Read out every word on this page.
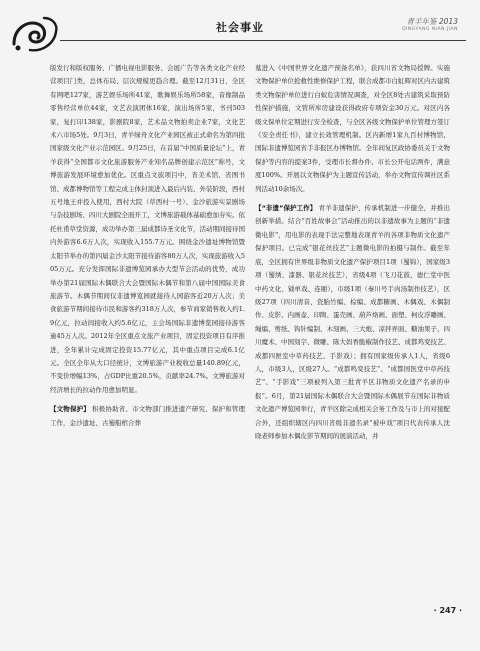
社会事业	青羊年鉴 2013
QINGYANG NIAN JIAN

版发行和版权服务、广播电视电影服务、会展广告等各类文化产业经营项目门类，总体布局、层次规模更趋合理。截至12月31日，全区有网吧127家，游艺娱乐场所41家，歌舞娱乐场所58家，音像制品零售经营单位44家，文艺表演团体16家，演出场所5家，书刊503家，复打印138家，影剧院8家，艺术品文物拍卖企业7家，文化艺术六市场5处。9月3日，青羊绿舟文化产业园区被正式命名为第四批国家级文化产业示范园区。9月25日，在首届“中国质量论坛”上，青羊获得“全国都市文化旅游服务产业知名品牌创建示范区”称号，文博旅游发展环境愈加优化。区重点文旅项目中，省美术馆、省图书馆、成都博物馆等工程完成主体封顶进入最后内装、外装阶段，西村五号地王并投入使用，西村大院（草西村一号）、金沙旅游实景剧场与杂技剧场、四川大剧院全面开工，文博旅游载体基础愈加夯实。依托杜甫草堂资源，成功举办第三届成都诗圣文化节，活动期间接待国内外游客6.6万人次，实现收入155.7万元。围绕金沙遗址博物馆暨太阳节举办的第四届金沙太阳节接待游客80万人次，实现旅游收入505万元。充分发挥国际非遗博览园承办大型节会活动的优势，成功举办第21届国际木偶联合大会暨国际木偶节和第八届中国国际美食旅游节。木偶节期间仅非遗博览园就接待人园游客近20万人次；美食旅游节期间接待市民和游客约318万人次，参节商家销售收入约1.9亿元，拉动间接收入约5.6亿元，主会场国际非遗博览园接待游客逾45万人次。2012年全区重点文旅产业项目，固定投资项目有序推进，全年累计完成固定投资15.77亿元，其中重点项目完成6.1亿元。全区全年从大口径统计，文博旅游产业税收总量140.89亿元，不变价增幅13%，占GDP比重20.5%，贡献率24.7%。文博旅游对经济增长的拉动作用愈加明显。

【文物保护】 积极协助省、市文物部门推进遗产研究、保护和管理工作，金沙遗址、古蜀船棺合葬

墓进入《中国世界文化遗产预备名单》，获四川省文物局授牌。实施文物保护单位抢救性维修保护工程，联合成都市白虹辉对区内古建筑类文物保护单位进行白蚁危害情况调查，对全区8处古建筑采取预防性保护措施，文管所库房建设获得政府专项资金30万元。对区内各级文保单位定期进行安全检查，与全区各级文物保护单位管理方签订《安全责任书》，建立长效管理机制。区内新增1家九百村博物馆，国际非遗博览园省手非报区办博物馆。全年间复区政协委员关于文物保护等内容的提案3件，受理市长督办件、市长公开电话两件，满意度100%。开展以文物保护为主题宣传活动，举办文物宣传调社区系列活动10余场次。

【“非遗”保护工作】 青羊非遗保护、传承机制进一步健全，并推出创新举措。结合“百姓故事会”活动推出的以非遗故事为主题的“非遗微电影”，用电影的表现手法完整地表现青羊的各项非物质文化遗产保护项目。已完成“银花丝技艺”主题微电影的拍摄与制作。截至年底，全区拥有世界级非物质文化遗产保护项目1项（蜀锦），国家级3项（蜀绣、漆器、银花丝技艺），省级4项（飞刀花鼓、德仁堂中医中药文化、钺单戏、连厢），市级1项（秦川号手肉汤制作技艺），区级27项（四川清音、瓷胎竹编、棕编、成都糖画、木偶戏、木偶制作、皮影、内画壶、印陶、蛋壳画、葫芦烙画、面塑、柯皮浮雕画、绳编、剪纸、钩针编制、木刻画、三大炮、凉拌弄面、糖油果子、四川魔术、中国刻字、微雕、陈大妈香脆椒制作技艺、成都鸡变技艺、成都四匣室中草药技艺、手影戏）；拥有国家级传承人1人，省级6人，市级3人，区级27人。“成都鸣变技艺”、“成都国医堂中草药技艺”、“手影戏”三项被列入第三批青羊区非物质文化遗产名录的申报”。6月，第21届国际木偶联合大会暨国际木偶展节在国际非物质文化遗产博览园举行，青羊区除完成相关会务工作及与市上的对接配合外，还组织辖区内四川省级非遗名录”被申戏”项目代表传承人沈晓老师参加木偶皮影节期间的展演活动，并

· 247 ·
